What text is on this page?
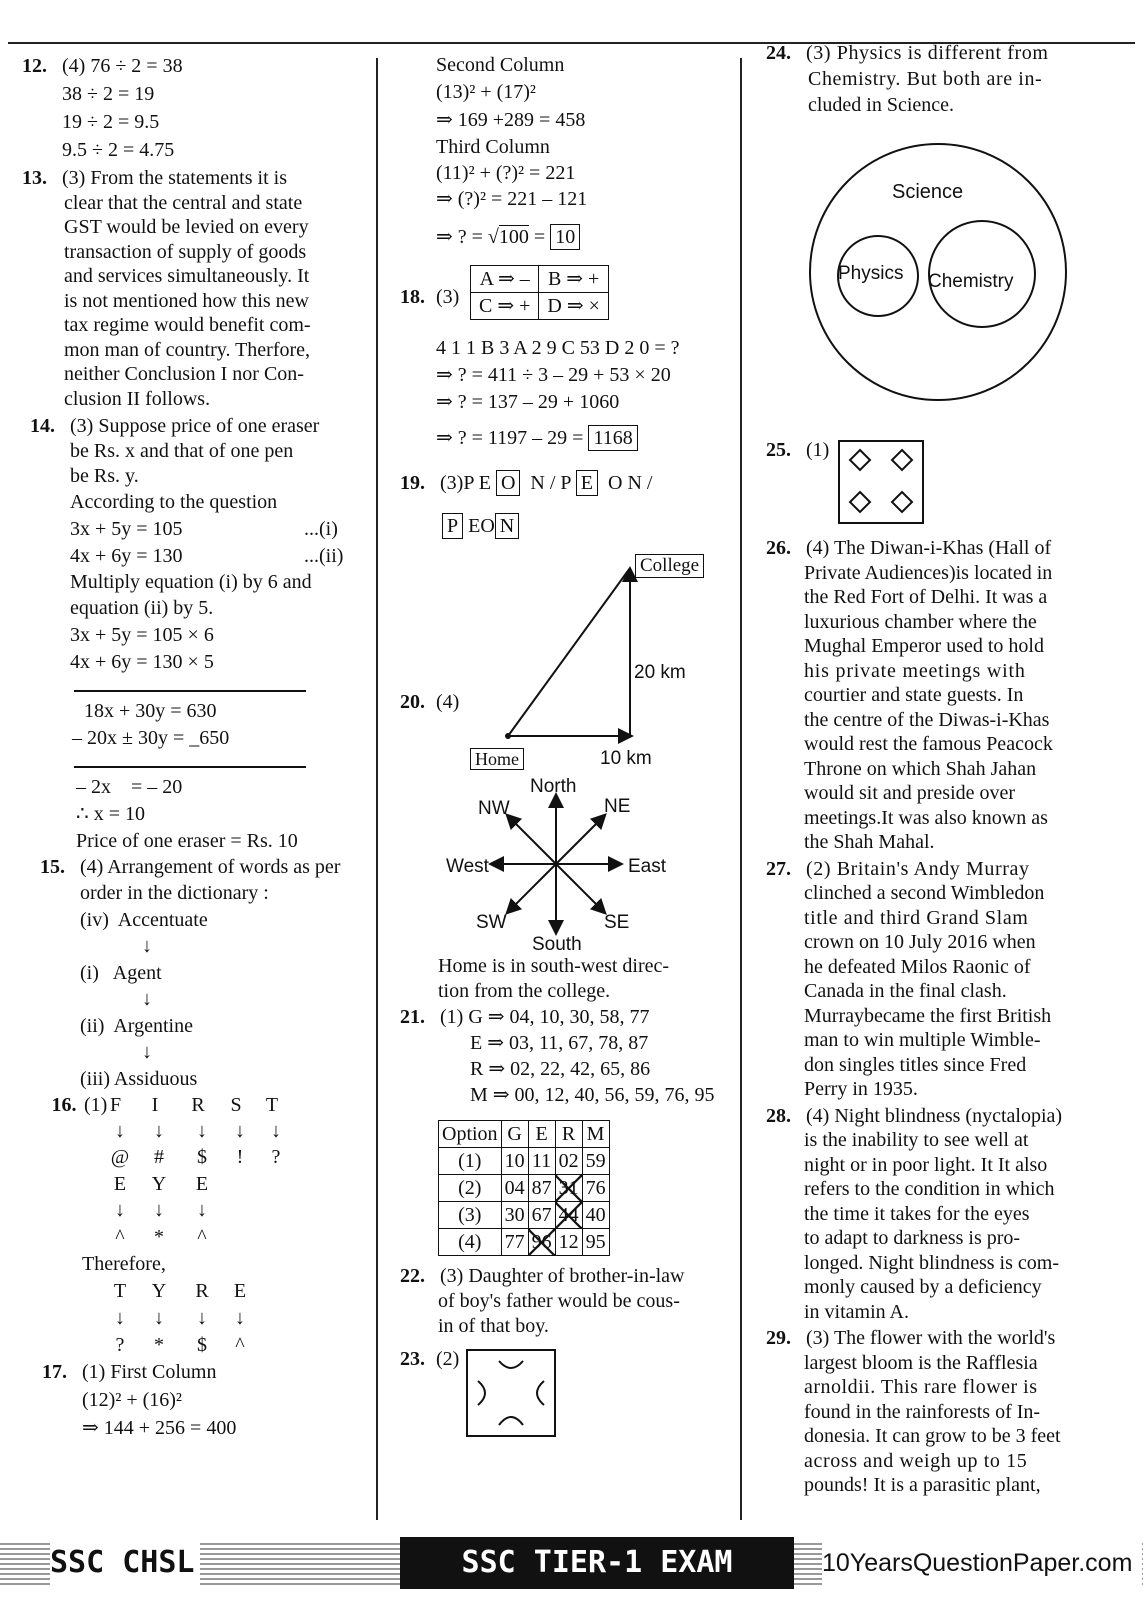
12. (4) 76 ÷ 2 = 38
38 ÷ 2 = 19
19 ÷ 2 = 9.5
9.5 ÷ 2 = 4.75
13. (3) From the statements it is
clear that the central and state
GST would be levied on every
transaction of supply of goods
and services simultaneously. It
is not mentioned how this new
tax regime would benefit com-
mon man of country. Therfore,
neither Conclusion I nor Con-
clusion II follows.
14. (3) Suppose price of one eraser
be Rs. x and that of one pen
be Rs. y.
According to the question
3x + 5y = 105	...(i)
4x + 6y = 130	...(ii)
Multiply equation (i) by 6 and
equation (ii) by 5.
3x + 5y = 105 × 6
4x + 6y = 130 × 5
18x + 30y = 630
– 20x ± 30y = _650
– 2x    = – 20
∴ x = 10
Price of one eraser = Rs. 10
15. (4) Arrangement of words as per
order in the dictionary :
(iv) Accentuate
↓
(i) Agent
↓
(ii) Argentine
↓
(iii) Assiduous
16. (1) F I R S T
↓ ↓ ↓ ↓ ↓
@ # $ ! ?
E Y E
↓ ↓ ↓
^ * ^
Therefore,
T Y R E
↓ ↓ ↓ ↓
? * $ ^
17. (1) First Column
(12)² + (16)²
⇒ 144 + 256 = 400
Second Column
(13)² + (17)²
⇒ 169 +289 = 458
Third Column
(11)² + (?)² = 221
⇒ (?)² = 221 – 121
⇒ ? = √100 = 10
18. (3)
A ⇒ –	B ⇒ +
C ⇒ +	D ⇒ ×
4 1 1 B 3 A 2 9 C 53 D 2 0 = ?
⇒ ? = 411 ÷ 3 – 29 + 53 × 20
⇒ ? = 137 – 29 + 1060
⇒ ? = 1197 – 29 = 1168
19. (3)P E O N / P E O N /
P EO N
20. (4)
College
Home
20 km
10 km
North
South
East
West
NE
NW
SE
SW
Home is in south-west direc-
tion from the college.
21. (1) G ⇒ 04, 10, 30, 58, 77
E ⇒ 03, 11, 67, 78, 87
R ⇒ 02, 22, 42, 65, 86
M ⇒ 00, 12, 40, 56, 59, 76, 95
Option	G	E	R	M
(1)	10	11	02	59
(2)	04	87	31	76
(3)	30	67	44	40
(4)	77	96	12	95
22. (3) Daughter of brother-in-law
of boy's father would be cous-
in of that boy.
23. (2)
24. (3) Physics is different from
Chemistry. But both are in-
cluded in Science.
Science
Physics Chemistry
25. (1)
26. (4) The Diwan-i-Khas (Hall of
Private Audiences)is located in
the Red Fort of Delhi. It was a
luxurious chamber where the
Mughal Emperor used to hold
his private meetings with
courtier and state guests. In
the centre of the Diwas-i-Khas
would rest the famous Peacock
Throne on which Shah Jahan
would sit and preside over
meetings.It was also known as
the Shah Mahal.
27. (2) Britain's Andy Murray
clinched a second Wimbledon
title and third Grand Slam
crown on 10 July 2016 when
he defeated Milos Raonic of
Canada in the final clash.
Murraybecame the first British
man to win multiple Wimble-
don singles titles since Fred
Perry in 1935.
28. (4) Night blindness (nyctalopia)
is the inability to see well at
night or in poor light. It It also
refers to the condition in which
the time it takes for the eyes
to adapt to darkness is pro-
longed. Night blindness is com-
monly caused by a deficiency
in vitamin A.
29. (3) The flower with the world's
largest bloom is the Rafflesia
arnoldii. This rare flower is
found in the rainforests of In-
donesia. It can grow to be 3 feet
across and weigh up to 15
pounds! It is a parasitic plant,
SSC CHSL	SSC TIER-1 EXAM	10YearsQuestionPaper.com
